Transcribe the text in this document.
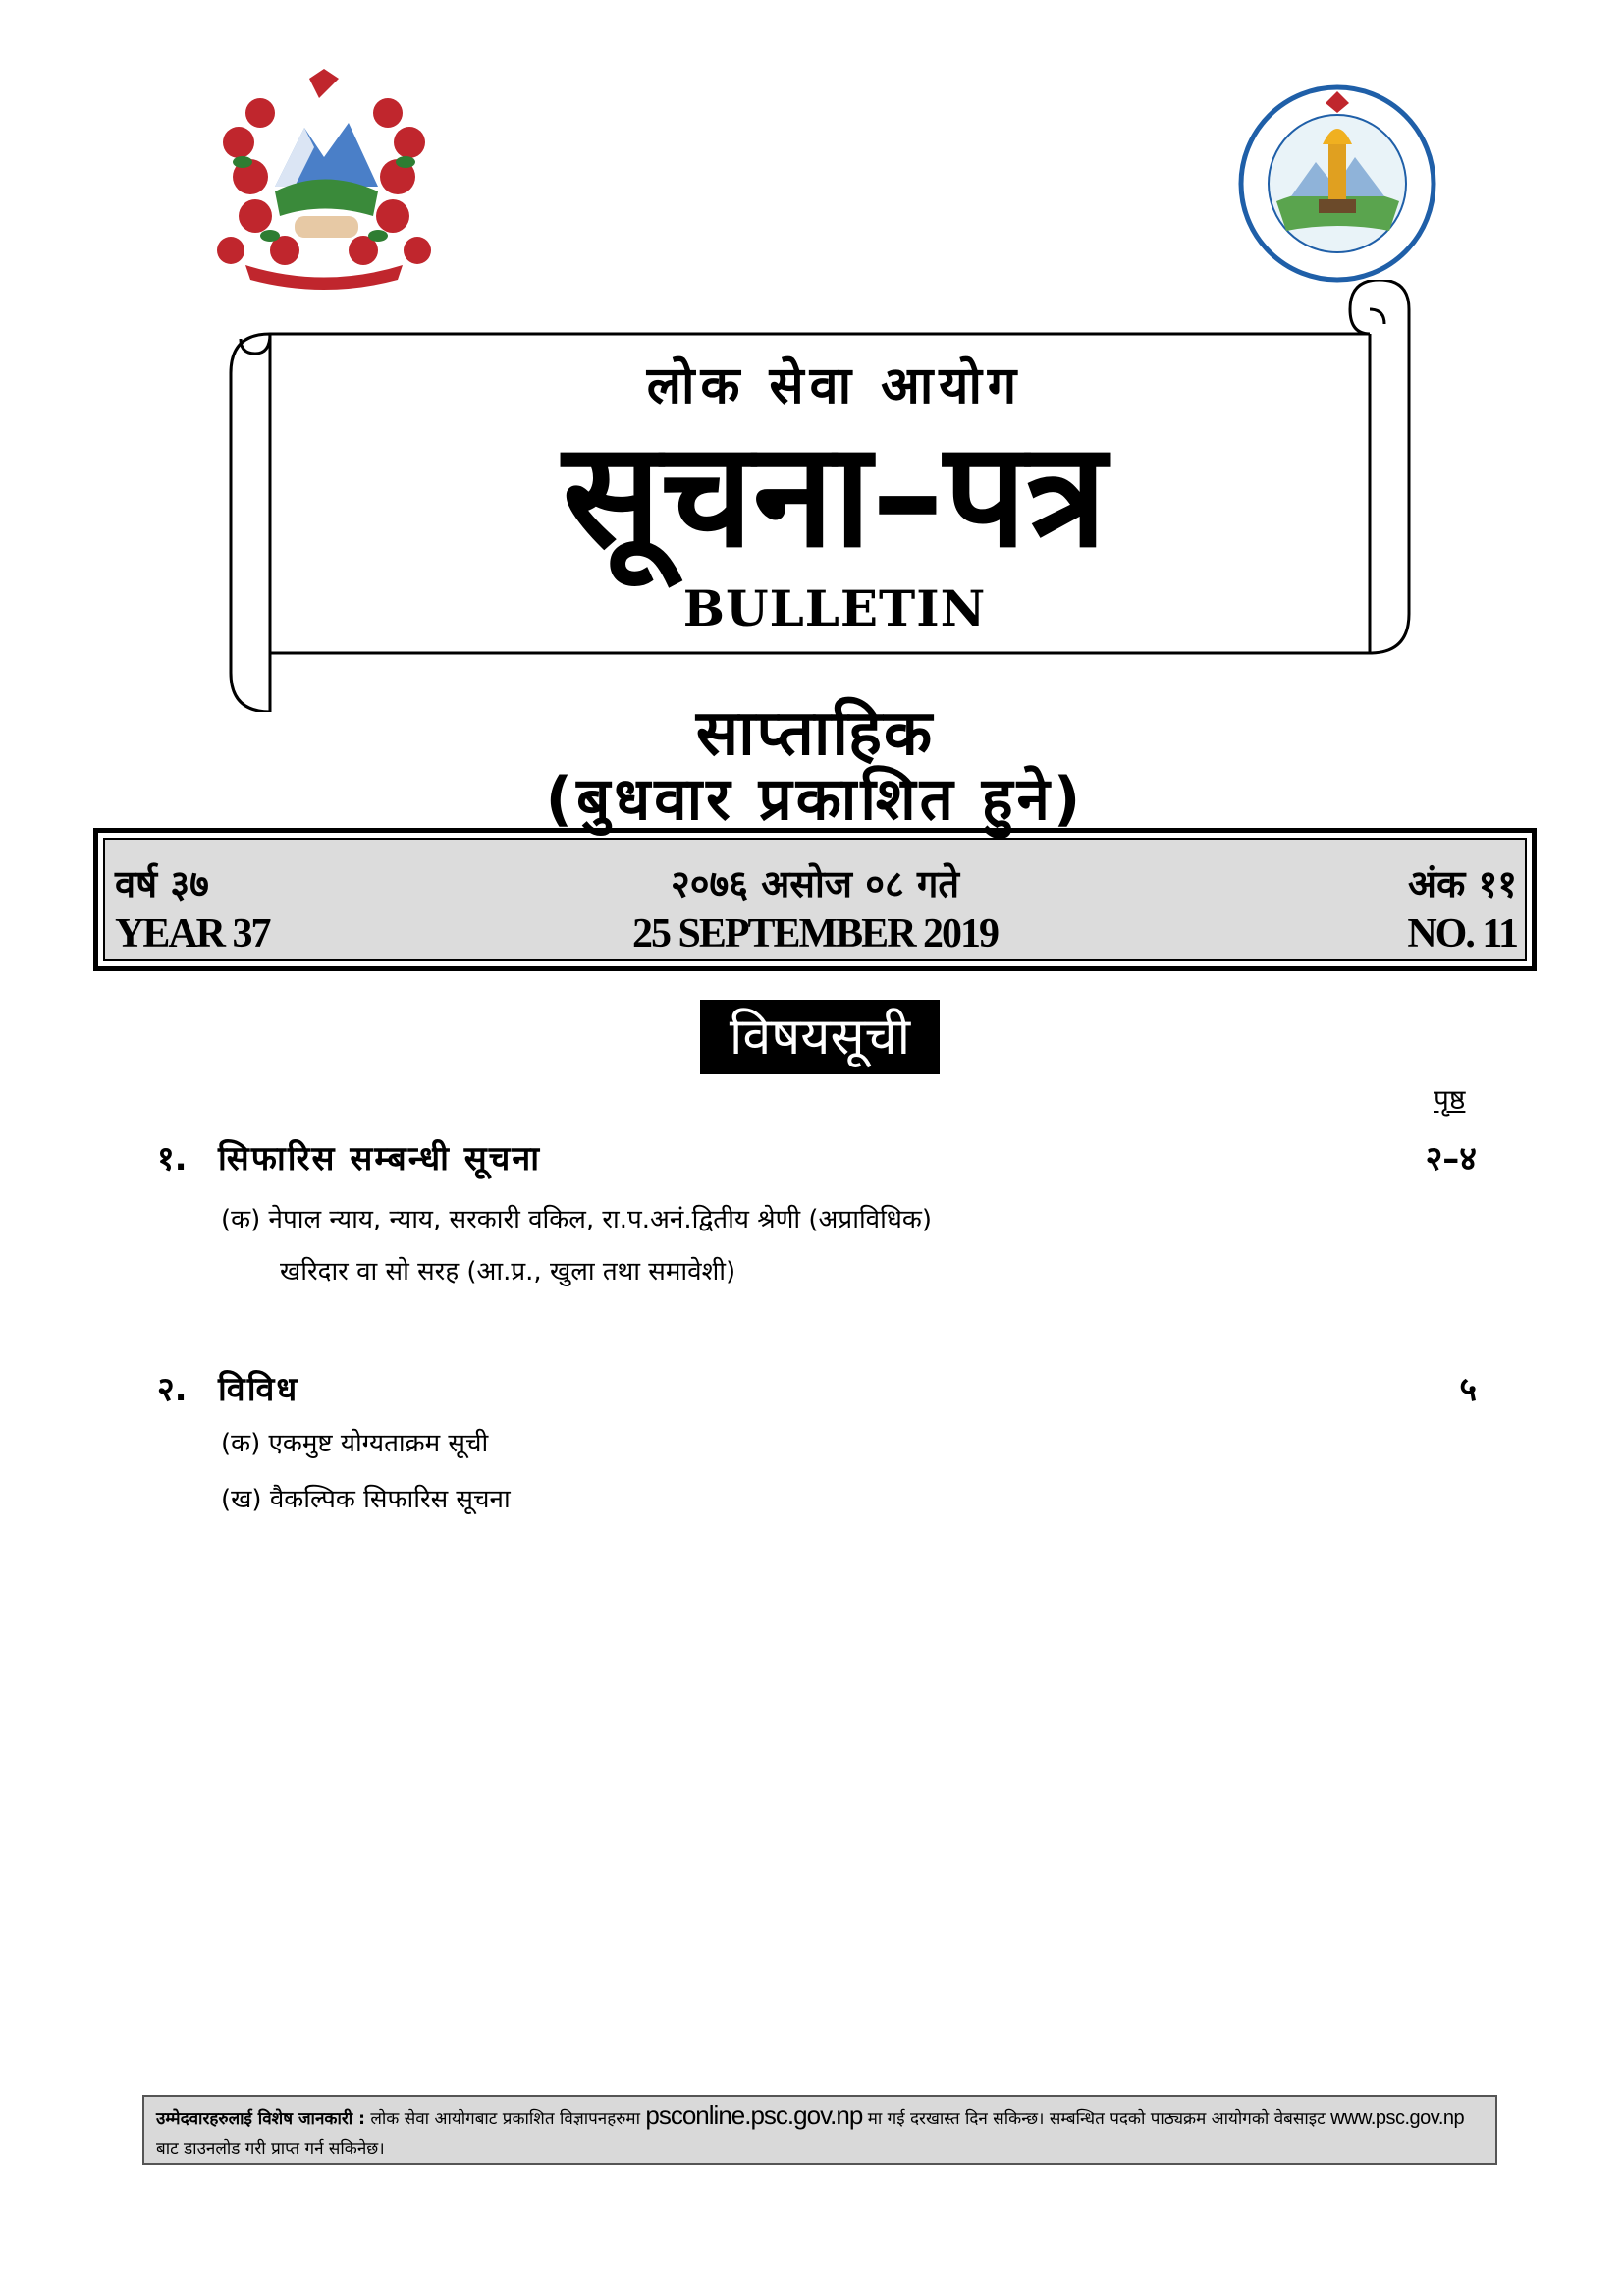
लोक सेवा आयोग
सूचना–पत्र
BULLETIN
साप्ताहिक
(बुधवार प्रकाशित हुने)
वर्ष ३७	२०७६ असोज ०८ गते	अंक ११
YEAR 37	25 SEPTEMBER 2019	NO. 11
विषयसूची
पृष्ठ
१. सिफारिस सम्बन्धी सूचना	२–४
(क) नेपाल न्याय, न्याय, सरकारी वकिल, रा.प.अनं.द्वितीय श्रेणी (अप्राविधिक)
खरिदार वा सो सरह (आ.प्र., खुला तथा समावेशी)
२. विविध	५
(क) एकमुष्ट योग्यताक्रम सूची
(ख) वैकल्पिक सिफारिस सूचना
उम्मेदवारहरुलाई विशेष जानकारी : लोक सेवा आयोगबाट प्रकाशित विज्ञापनहरुमा psconline.psc.gov.np मा गई दरखास्त दिन सकिन्छ। सम्बन्धित पदको पाठ्यक्रम आयोगको वेबसाइट www.psc.gov.np बाट डाउनलोड गरी प्राप्त गर्न सकिनेछ।
